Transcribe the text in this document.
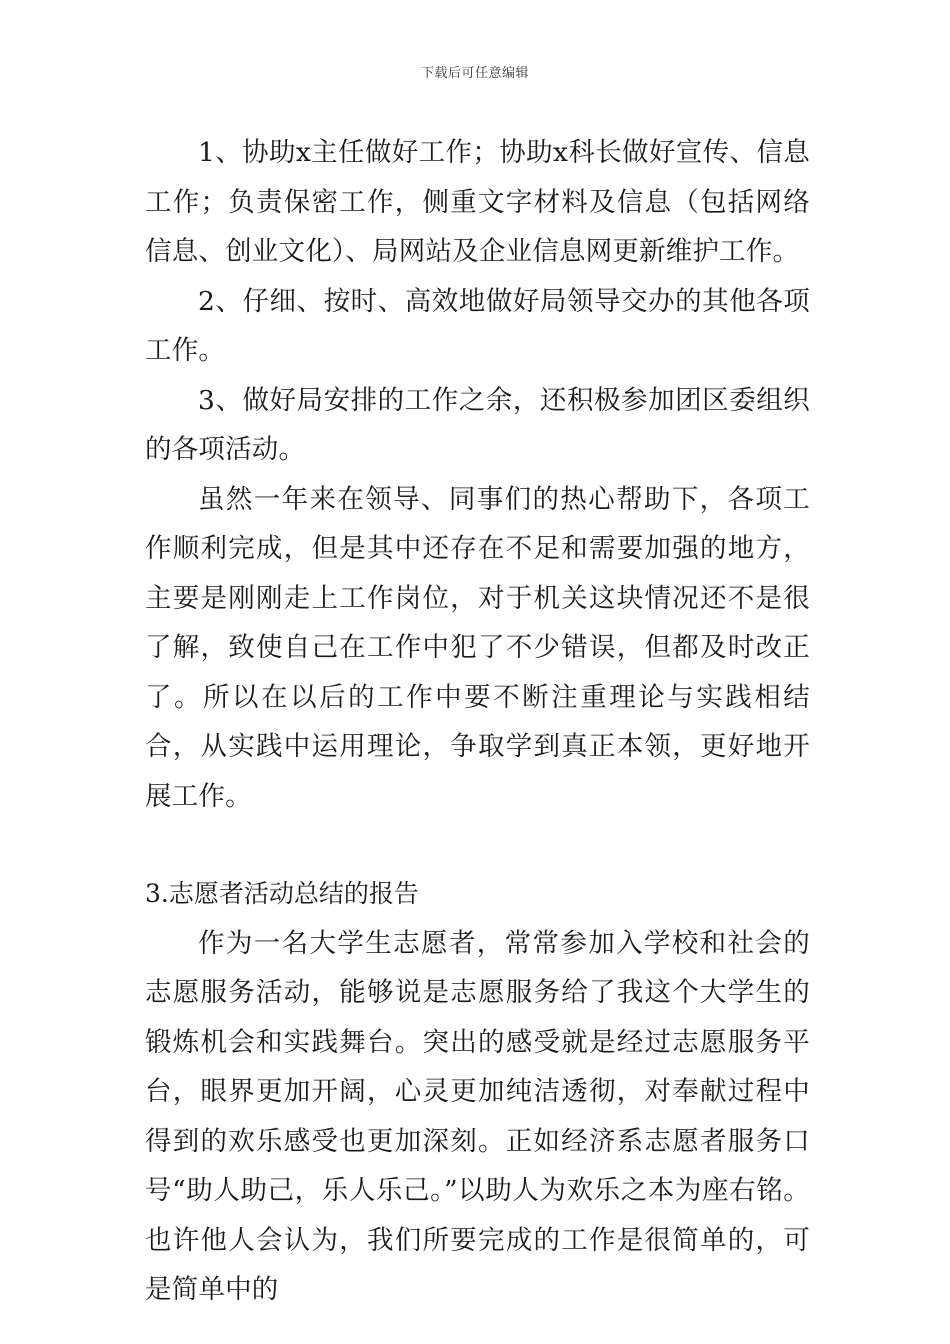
下载后可任意编辑

1、协助x主任做好工作；协助x科长做好宣传、信息工作；负责保密工作，侧重文字材料及信息（包括网络信息、创业文化）、局网站及企业信息网更新维护工作。

2、仔细、按时、高效地做好局领导交办的其他各项工作。

3、做好局安排的工作之余，还积极参加团区委组织的各项活动。

虽然一年来在领导、同事们的热心帮助下，各项工作顺利完成，但是其中还存在不足和需要加强的地方，主要是刚刚走上工作岗位，对于机关这块情况还不是很了解，致使自己在工作中犯了不少错误，但都及时改正了。所以在以后的工作中要不断注重理论与实践相结合，从实践中运用理论，争取学到真正本领，更好地开展工作。

3.志愿者活动总结的报告

作为一名大学生志愿者，常常参加入学校和社会的志愿服务活动，能够说是志愿服务给了我这个大学生的锻炼机会和实践舞台。突出的感受就是经过志愿服务平台，眼界更加开阔，心灵更加纯洁透彻，对奉献过程中得到的欢乐感受也更加深刻。正如经济系志愿者服务口号“助人助己，乐人乐己。”以助人为欢乐之本为座右铭。也许他人会认为，我们所要完成的工作是很简单的，可是简单中的
